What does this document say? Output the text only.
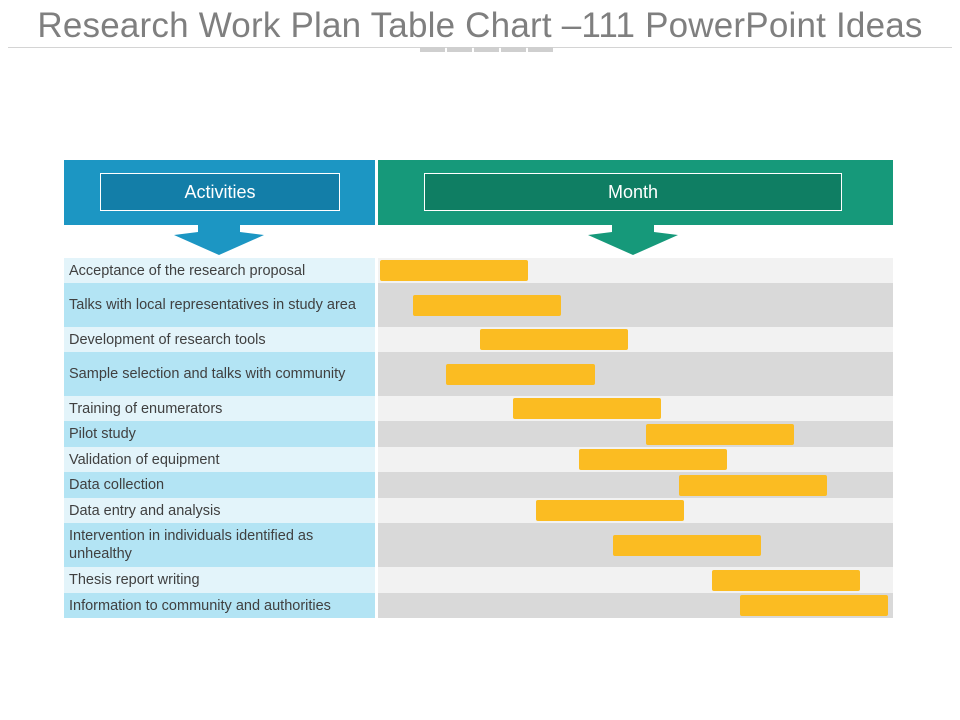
Research Work Plan Table Chart –111 PowerPoint Ideas
Activities	Month
Acceptance of the research proposal
Talks with local representatives in study area
Development of research tools
Sample selection and talks with community
Training of enumerators
Pilot study
Validation of equipment
Data collection
Data entry and analysis
Intervention in individuals identified as unhealthy
Thesis report writing
Information to community and authorities
